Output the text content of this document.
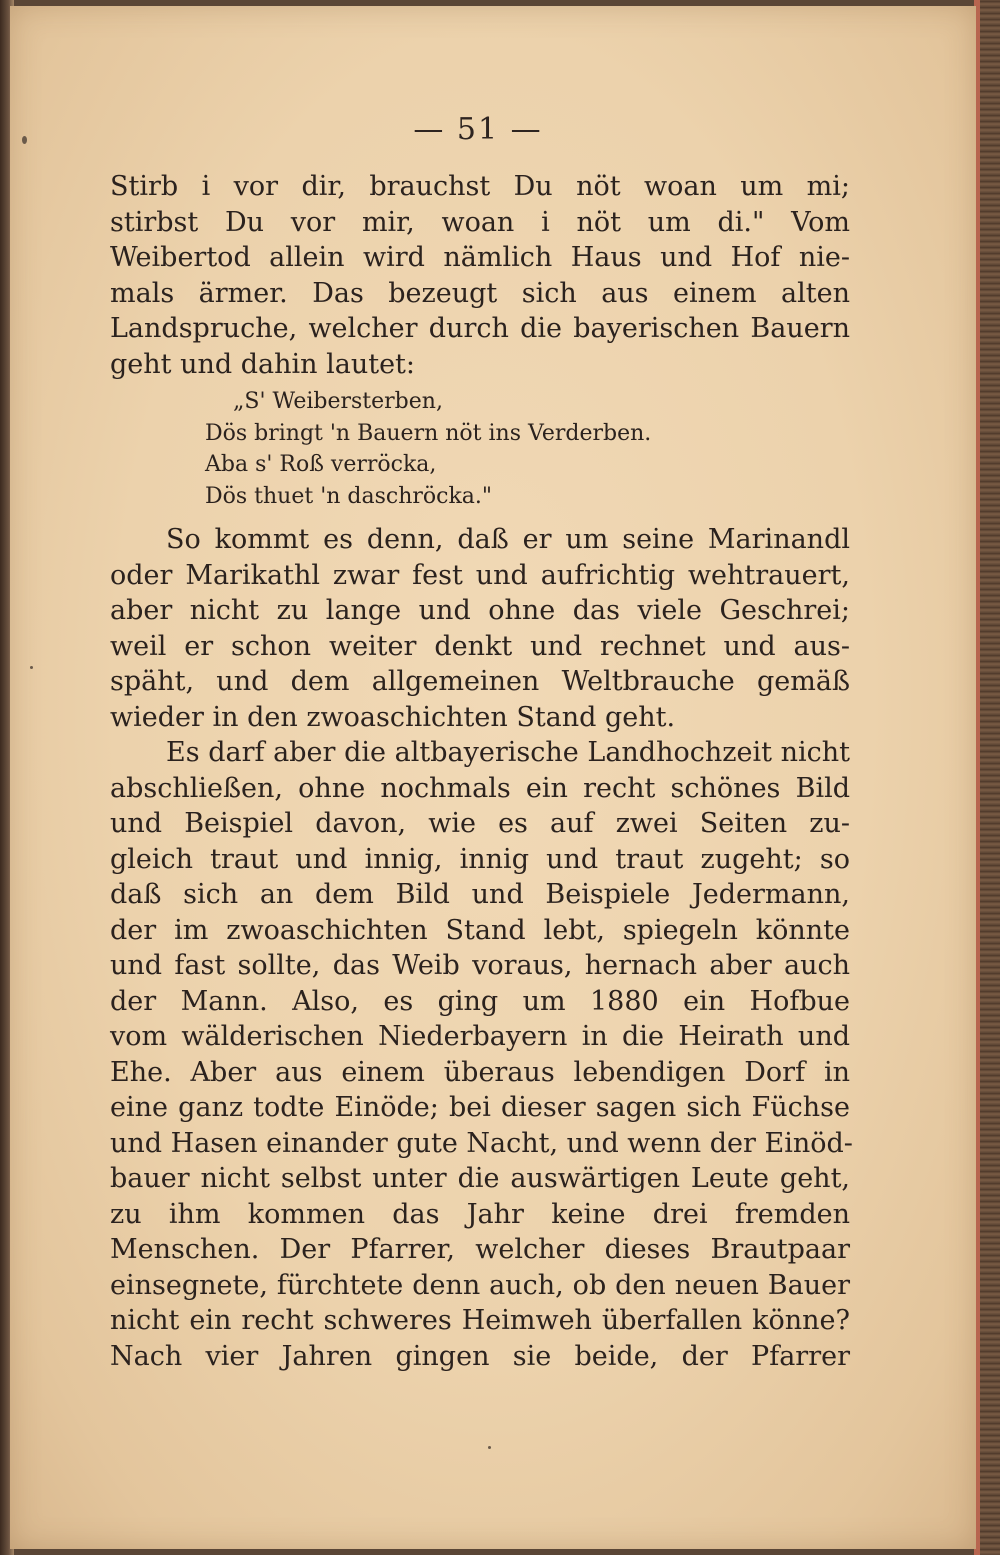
— 51 —

Stirb i vor dir, brauchst Du nöt woan um mi;
stirbst Du vor mir, woan i nöt um di." Vom
Weibertod allein wird nämlich Haus und Hof nie-
mals ärmer. Das bezeugt sich aus einem alten
Landspruche, welcher durch die bayerischen Bauern
geht und dahin lautet:

„S' Weibersterben,
Dös bringt 'n Bauern nöt ins Verderben.
Aba s' Roß verröcka,
Dös thuet 'n daschröcka."

So kommt es denn, daß er um seine Marinandl
oder Marikathl zwar fest und aufrichtig wehtrauert,
aber nicht zu lange und ohne das viele Geschrei;
weil er schon weiter denkt und rechnet und aus-
späht, und dem allgemeinen Weltbrauche gemäß
wieder in den zwoaschichten Stand geht.

Es darf aber die altbayerische Landhochzeit nicht
abschließen, ohne nochmals ein recht schönes Bild
und Beispiel davon, wie es auf zwei Seiten zu-
gleich traut und innig, innig und traut zugeht; so
daß sich an dem Bild und Beispiele Jedermann,
der im zwoaschichten Stand lebt, spiegeln könnte
und fast sollte, das Weib voraus, hernach aber auch
der Mann. Also, es ging um 1880 ein Hofbue
vom wälderischen Niederbayern in die Heirath und
Ehe. Aber aus einem überaus lebendigen Dorf in
eine ganz todte Einöde; bei dieser sagen sich Füchse
und Hasen einander gute Nacht, und wenn der Einöd-
bauer nicht selbst unter die auswärtigen Leute geht,
zu ihm kommen das Jahr keine drei fremden
Menschen. Der Pfarrer, welcher dieses Brautpaar
einsegnete, fürchtete denn auch, ob den neuen Bauer
nicht ein recht schweres Heimweh überfallen könne?
Nach vier Jahren gingen sie beide, der Pfarrer
